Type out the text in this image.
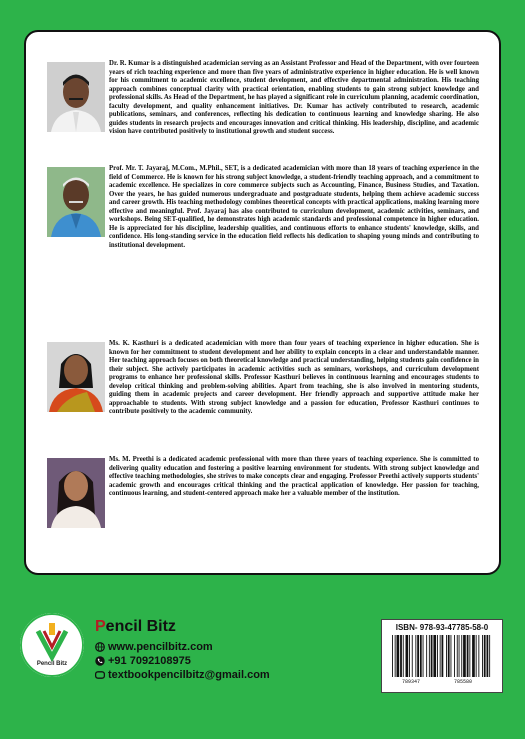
Dr. R. Kumar is a distinguished academician serving as an Assistant Professor and Head of the Department, with over fourteen years of rich teaching experience and more than five years of administrative experience in higher education. He is well known for his commitment to academic excellence, student development, and effective departmental administration. His teaching approach combines conceptual clarity with practical orientation, enabling students to gain strong subject knowledge and professional skills. As Head of the Department, he has played a significant role in curriculum planning, academic coordination, faculty development, and quality enhancement initiatives. Dr. Kumar has actively contributed to research, academic publications, seminars, and conferences, reflecting his dedication to continuous learning and knowledge sharing. He also guides students in research projects and encourages innovation and critical thinking. His leadership, discipline, and academic vision have contributed positively to institutional growth and student success.
Prof. Mr. T. Jayaraj, M.Com., M.Phil., SET, is a dedicated academician with more than 18 years of teaching experience in the field of Commerce. He is known for his strong subject knowledge, a student-friendly teaching approach, and a commitment to academic excellence. He specializes in core commerce subjects such as Accounting, Finance, Business Studies, and Taxation. Over the years, he has guided numerous undergraduate and postgraduate students, helping them achieve academic success and career growth. His teaching methodology combines theoretical concepts with practical applications, making learning more effective and meaningful. Prof. Jayaraj has also contributed to curriculum development, academic activities, seminars, and workshops. Being SET-qualified, he demonstrates high academic standards and professional competence in higher education. He is appreciated for his discipline, leadership qualities, and continuous efforts to enhance students' knowledge, skills, and confidence. His long-standing service in the education field reflects his dedication to shaping young minds and contributing to institutional development.
Ms. K. Kasthuri is a dedicated academician with more than four years of teaching experience in higher education. She is known for her commitment to student development and her ability to explain concepts in a clear and understandable manner. Her teaching approach focuses on both theoretical knowledge and practical understanding, helping students gain confidence in their subject. She actively participates in academic activities such as seminars, workshops, and curriculum development programs to enhance her professional skills. Professor Kasthuri believes in continuous learning and encourages students to develop critical thinking and problem-solving abilities. Apart from teaching, she is also involved in mentoring students, guiding them in academic projects and career development. Her friendly approach and supportive attitude make her approachable to students. With strong subject knowledge and a passion for education, Professor Kasthuri continues to contribute positively to the academic community.
Ms. M. Preethi is a dedicated academic professional with more than three years of teaching experience. She is committed to delivering quality education and fostering a positive learning environment for students. With strong subject knowledge and effective teaching methodologies, she strives to make concepts clear and engaging. Professor Preethi actively supports students' academic growth and encourages critical thinking and the practical application of knowledge. Her passion for teaching, continuous learning, and student-centered approach make her a valuable member of the institution.
Pencil Bitz
Pencil Bitz
www.pencilbitz.com
+91 7092108975
textbookpencilbitz@gmail.com
ISBN- 978-93-47785-58-0
789347	785580
